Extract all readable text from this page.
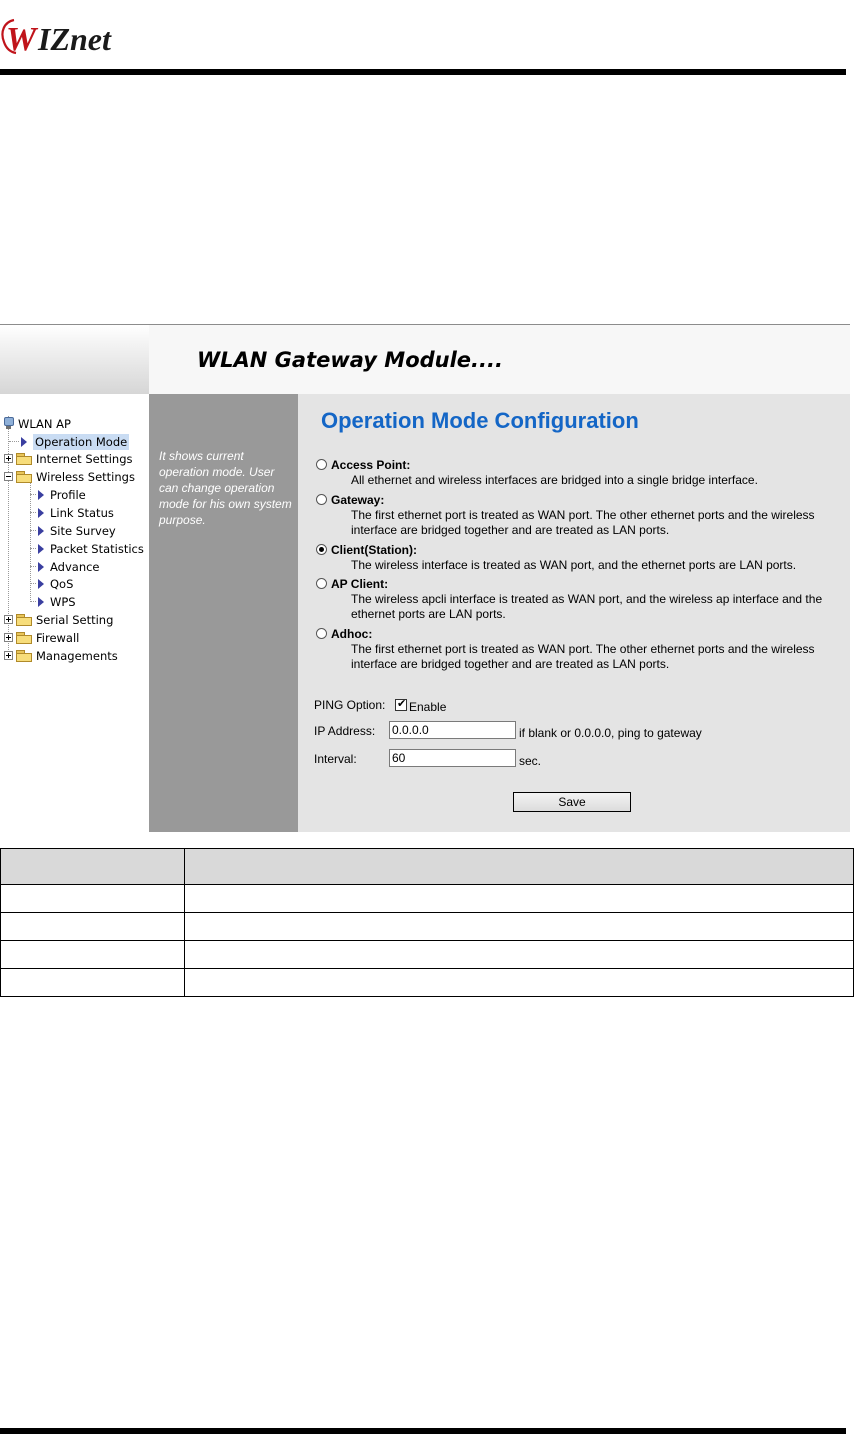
W IZnet
WLAN Gateway Module....
WLAN AP
Operation Mode
Internet Settings
Wireless Settings
Profile
Link Status
Site Survey
Packet Statistics
Advance
QoS
WPS
Serial Setting
Firewall
Managements
It shows current operation mode. User can change operation mode for his own system purpose.
Operation Mode Configuration
Access Point:
All ethernet and wireless interfaces are bridged into a single bridge interface.
Gateway:
The first ethernet port is treated as WAN port. The other ethernet ports and the wireless interface are bridged together and are treated as LAN ports.
Client(Station):
The wireless interface is treated as WAN port, and the ethernet ports are LAN ports.
AP Client:
The wireless apcli interface is treated as WAN port, and the wireless ap interface and the ethernet ports are LAN ports.
Adhoc:
The first ethernet port is treated as WAN port. The other ethernet ports and the wireless interface are bridged together and are treated as LAN ports.
PING Option: ✔ Enable
IP Address: 0.0.0.0	if blank or 0.0.0.0, ping to gateway
Interval:	60	sec.
Save
